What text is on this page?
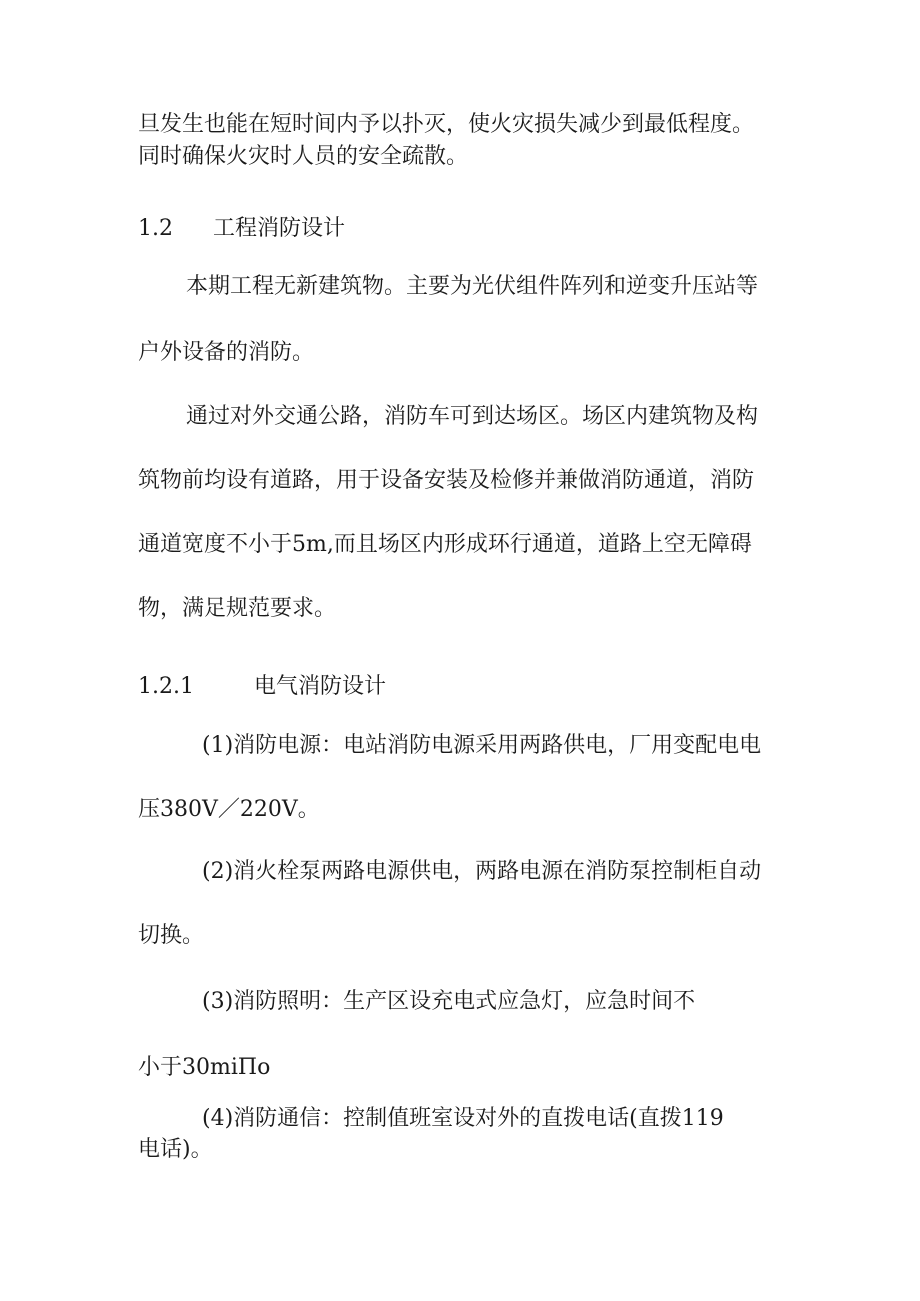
旦发生也能在短时间内予以扑灭，使火灾损失减少到最低程度。
同时确保火灾时人员的安全疏散。
1.2 工程消防设计
本期工程无新建筑物。主要为光伏组件阵列和逆变升压站等
户外设备的消防。
通过对外交通公路，消防车可到达场区。场区内建筑物及构
筑物前均设有道路，用于设备安装及检修并兼做消防通道，消防
通道宽度不小于5m,而且场区内形成环行通道，道路上空无障碍
物，满足规范要求。
1.2.1	电气消防设计
(1)消防电源：电站消防电源采用两路供电，厂用变配电电
压380V／220V。
(2)消火栓泵两路电源供电，两路电源在消防泵控制柜自动
切换。
(3)消防照明：生产区设充电式应急灯，应急时间不
小于30miΠo
(4)消防通信：控制值班室设对外的直拨电话(直拨119
电话)。
